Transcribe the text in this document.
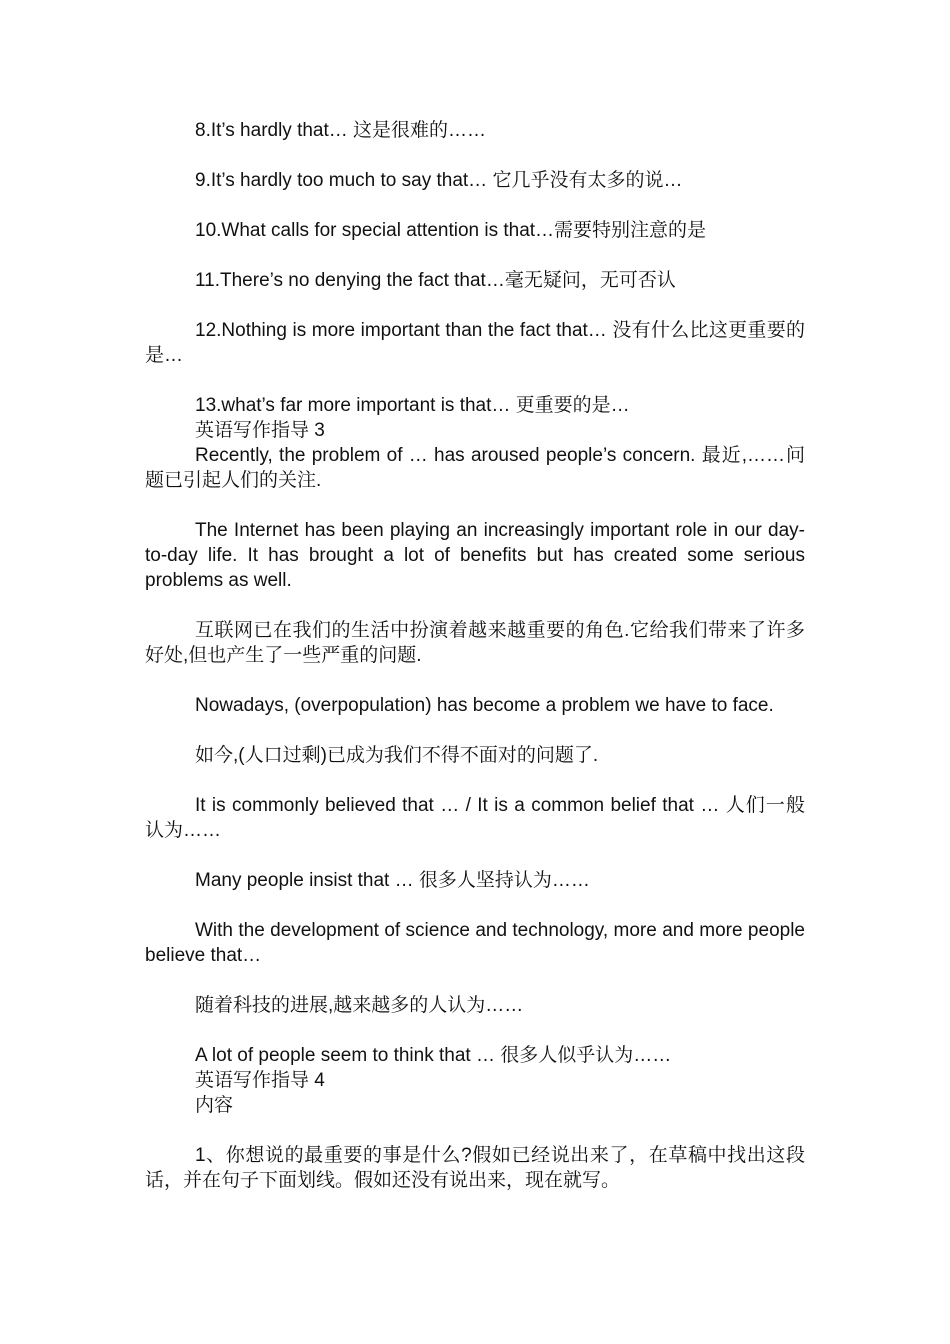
8.It’s hardly that… 这是很难的……

9.It’s hardly too much to say that… 它几乎没有太多的说…

10.What calls for special attention is that…需要特别注意的是

11.There’s no denying the fact that…毫无疑问，无可否认

12.Nothing is more important than the fact that… 没有什么比这更重要的是…

13.what’s far more important is that… 更重要的是…

英语写作指导 3

Recently, the problem of … has aroused people’s concern. 最近,……问题已引起人们的关注.

The Internet has been playing an increasingly important role in our day-to-day life. It has brought a lot of benefits but has created some serious problems as well.

互联网已在我们的生活中扮演着越来越重要的角色.它给我们带来了许多好处,但也产生了一些严重的问题.

Nowadays, (overpopulation) has become a problem we have to face.

如今,(人口过剩)已成为我们不得不面对的问题了.

It is commonly believed that … / It is a common belief that … 人们一般认为……

Many people insist that … 很多人坚持认为……

With the development of science and technology, more and more people believe that…

随着科技的进展,越来越多的人认为……

A lot of people seem to think that … 很多人似乎认为……

英语写作指导 4

内容

1、你想说的最重要的事是什么?假如已经说出来了，在草稿中找出这段话，并在句子下面划线。假如还没有说出来，现在就写。
